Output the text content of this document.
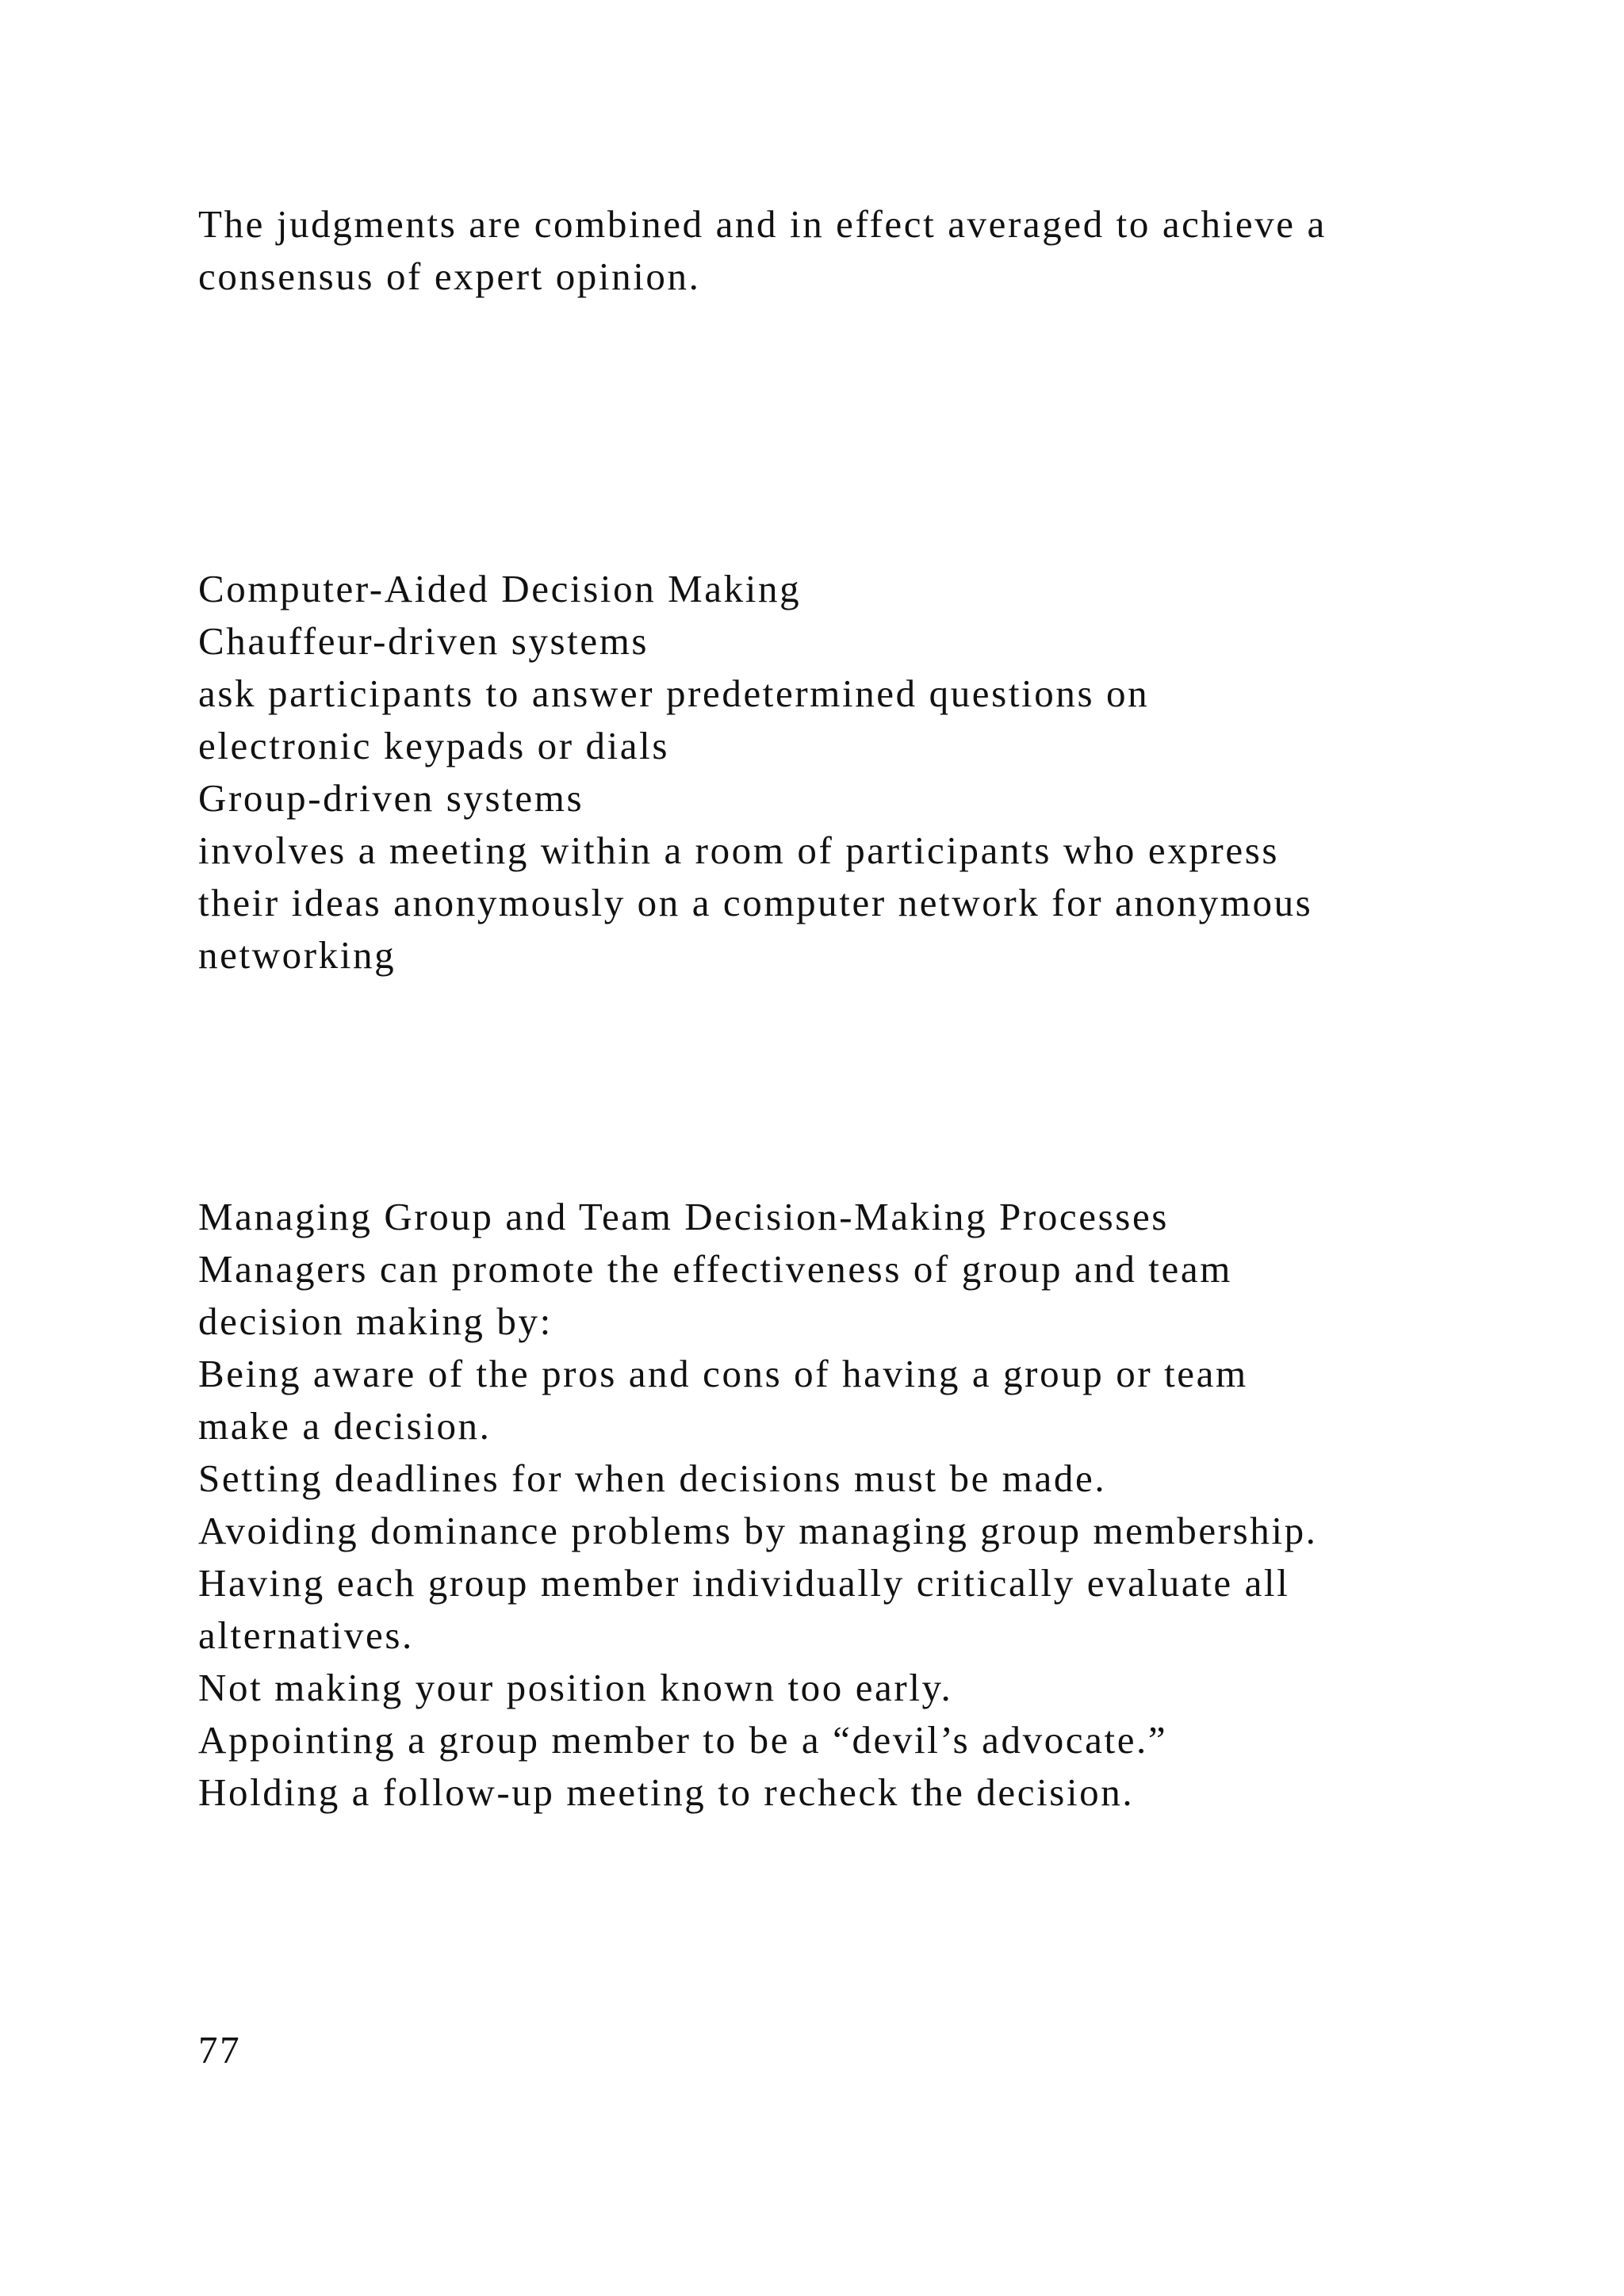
The judgments are combined and in effect averaged to achieve a

consensus of expert opinion.

Computer-Aided Decision Making

Chauffeur-driven systems

ask participants to answer predetermined questions on

electronic keypads or dials

Group-driven systems

involves a meeting within a room of participants who express

their ideas anonymously on a computer network for anonymous

networking

Managing Group and Team Decision-Making Processes

Managers can promote the effectiveness of group and team

decision making by:

Being aware of the pros and cons of having a group or team

make a decision.

Setting deadlines for when decisions must be made.

Avoiding dominance problems by managing group membership.

Having each group member individually critically evaluate all

alternatives.

Not making your position known too early.

Appointing a group member to be a “devil’s advocate.”

Holding a follow-up meeting to recheck the decision.

77
